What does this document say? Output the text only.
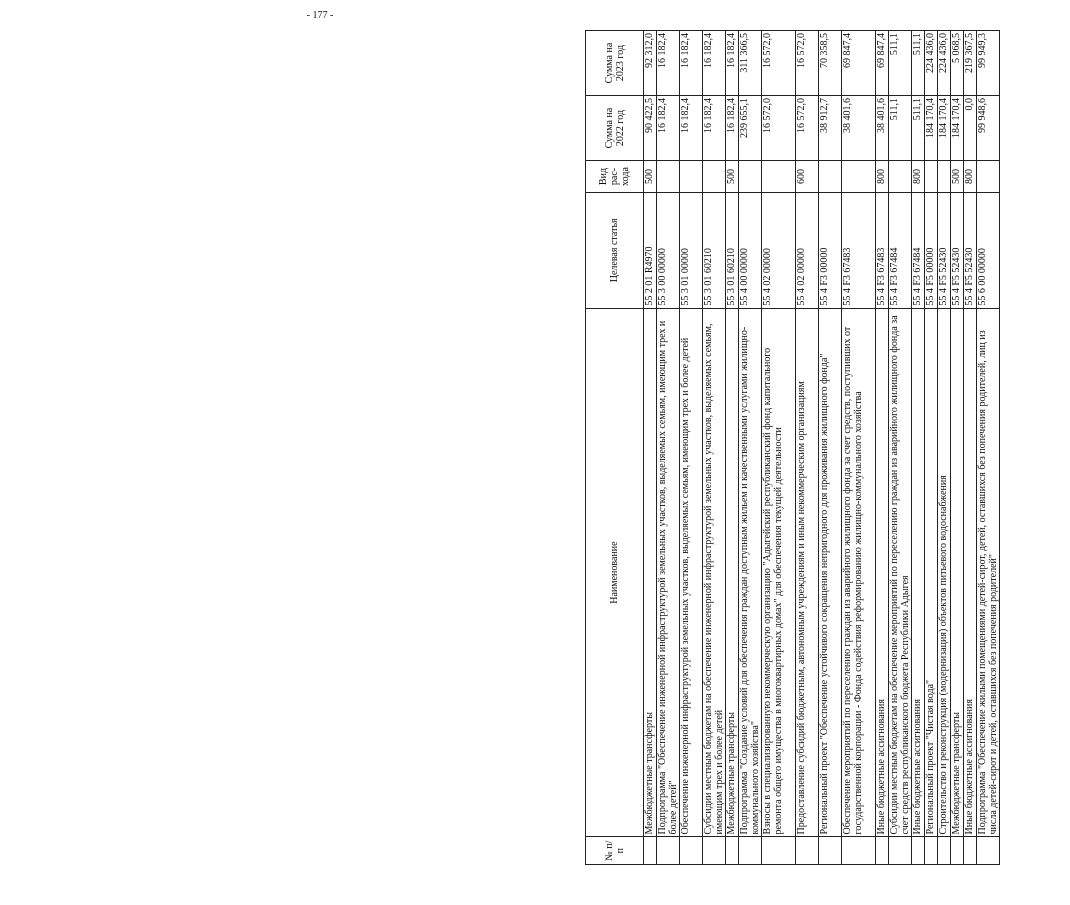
- 177 -
№ п/п	Наименование	Целевая статья	Вид рас-хода	Сумма на 2022 год	Сумма на 2023 год
	Межбюджетные трансферты	55 2 01 R4970	500	90 422,5	92 312,0
	Подпрограмма "Обеспечение инженерной инфраструктурой земельных участков, выделяемых семьям, имеющим трех и более детей"	55 3 00 00000		16 182,4	16 182,4
	Обеспечение инженерной инфраструктурой земельных участков, выделяемых семьям, имеющим трех и более детей	55 3 01 00000		16 182,4	16 182,4
	Субсидии местным бюджетам на обеспечение инженерной инфраструктурой земельных участков, выделяемых семьям, имеющим трех и более детей	55 3 01 60210		16 182,4	16 182,4
	Межбюджетные трансферты	55 3 01 60210	500	16 182,4	16 182,4
	Подпрограмма "Создание условий для обеспечения граждан доступным жильем и качественными услугами жилищно-коммунального хозяйства"	55 4 00 00000		239 655,1	311 366,5
	Взносы в специализированную некоммерческую организацию "Адыгейский республиканский фонд капитального ремонта общего имущества в многоквартирных домах" для обеспечения текущей деятельности	55 4 02 00000		16 572,0	16 572,0
	Предоставление субсидий бюджетным, автономным учреждениям и иным некоммерческим организациям	55 4 02 00000	600	16 572,0	16 572,0
	Региональный проект "Обеспечение устойчивого сокращения непригодного для проживания жилищного фонда"	55 4 F3 00000		38 912,7	70 358,5
	Обеспечение мероприятий по переселению граждан из аварийного жилищного фонда за счет средств, поступивших от государственной корпорации - Фонда содействия реформированию жилищно-коммунального хозяйства	55 4 F3 67483		38 401,6	69 847,4
	Иные бюджетные ассигнования	55 4 F3 67483	800	38 401,6	69 847,4
	Субсидии местным бюджетам на обеспечение мероприятий по переселению граждан из аварийного жилищного фонда за счет средств республиканского бюджета Республики Адыгея	55 4 F3 67484		511,1	511,1
	Иные бюджетные ассигнования	55 4 F3 67484	800	511,1	511,1
	Региональный проект "Чистая вода"	55 4 F5 00000		184 170,4	224 436,0
	Строительство и реконструкция (модернизация) объектов питьевого водоснабжения	55 4 F5 52430		184 170,4	224 436,0
	Межбюджетные трансферты	55 4 F5 52430	500	184 170,4	5 068,5
	Иные бюджетные ассигнования	55 4 F5 52430	800	0,0	219 367,5
	Подпрограмма "Обеспечение жилыми помещениями детей-сирот, детей, оставшихся без попечения родителей, лиц из числа детей-сирот и детей, оставшихся без попечения родителей"	55 6 00 00000		99 948,6	99 949,3
